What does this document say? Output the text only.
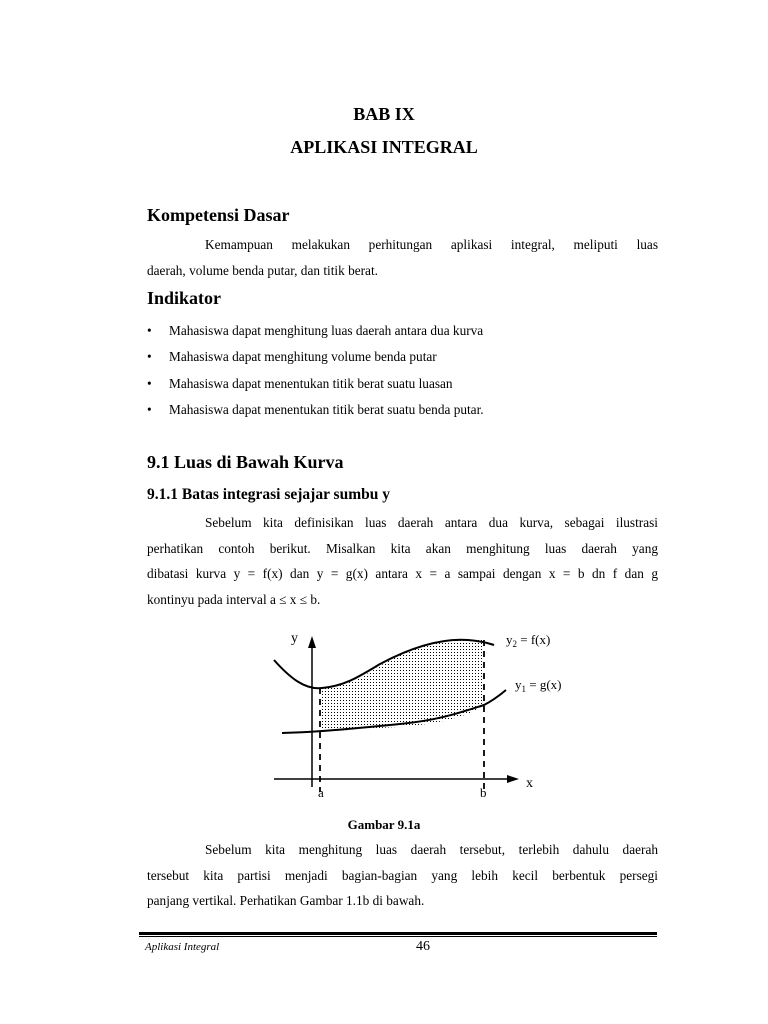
BAB IX
APLIKASI INTEGRAL
Kompetensi Dasar
Kemampuan melakukan perhitungan aplikasi integral, meliputi luas
daerah, volume benda putar, dan titik berat.
Indikator
• Mahasiswa dapat menghitung luas daerah antara dua kurva
• Mahasiswa dapat menghitung volume benda putar
• Mahasiswa dapat menentukan titik berat suatu luasan
• Mahasiswa dapat menentukan titik berat suatu benda putar.
9.1 Luas di Bawah Kurva
9.1.1 Batas integrasi sejajar sumbu y
Sebelum kita definisikan luas daerah antara dua kurva, sebagai ilustrasi
perhatikan contoh berikut. Misalkan kita akan menghitung luas daerah yang
dibatasi kurva y = f(x) dan y = g(x) antara x = a sampai dengan x = b dn f dan g
kontinyu pada interval a ≤ x ≤ b.
y
x
a	b
$y_2 = f(x)$
$y_1 = g(x)$
Gambar 9.1a
Sebelum kita menghitung luas daerah tersebut, terlebih dahulu daerah
tersebut kita partisi menjadi bagian-bagian yang lebih kecil berbentuk persegi
panjang vertikal. Perhatikan Gambar 1.1b di bawah.
Aplikasi Integral	46
